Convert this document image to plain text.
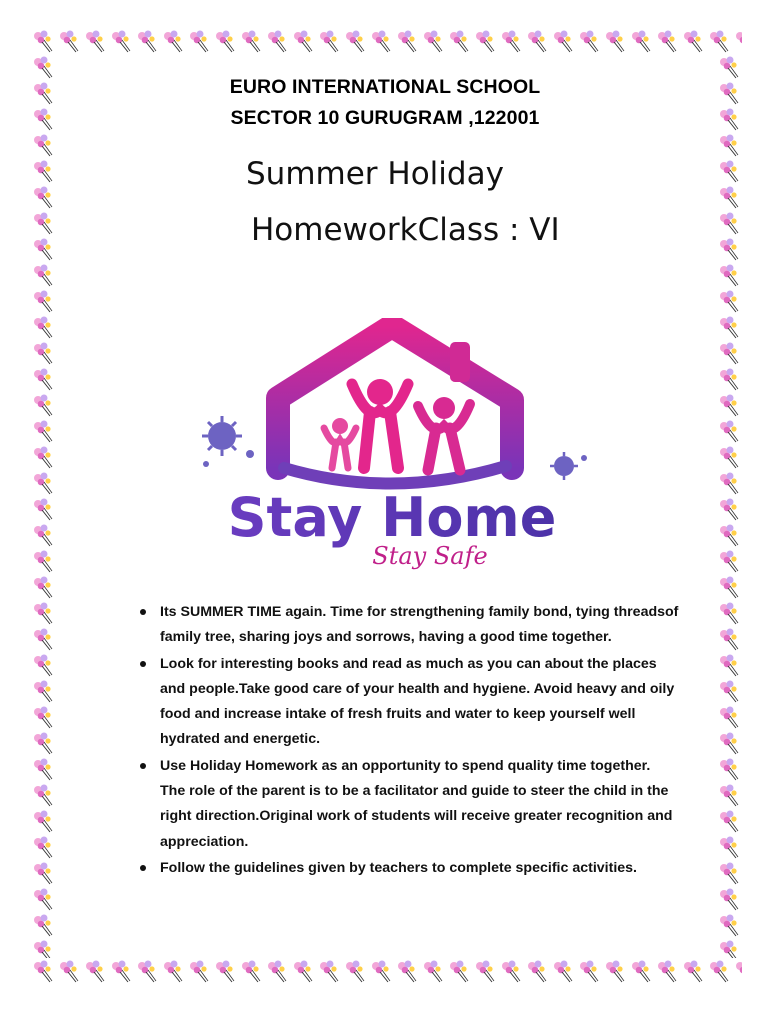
EURO INTERNATIONAL SCHOOL
SECTOR 10 GURUGRAM ,122001
Summer Holiday
HomeworkClass : VI
Stay Home
Stay Safe
Its SUMMER TIME again. Time for strengthening family bond, tying threadsof family tree, sharing joys and sorrows, having a good time together.
Look for interesting books and read as much as you can about the places and people.Take good care of your health and hygiene. Avoid heavy and oily food and increase intake of fresh fruits and water to keep yourself well hydrated and energetic.
Use Holiday Homework as an opportunity to spend quality time together. The role of the parent is to be a facilitator and guide to steer the child in the right direction.Original work of students will receive greater recognition and appreciation.
Follow the guidelines given by teachers to complete specific activities.
